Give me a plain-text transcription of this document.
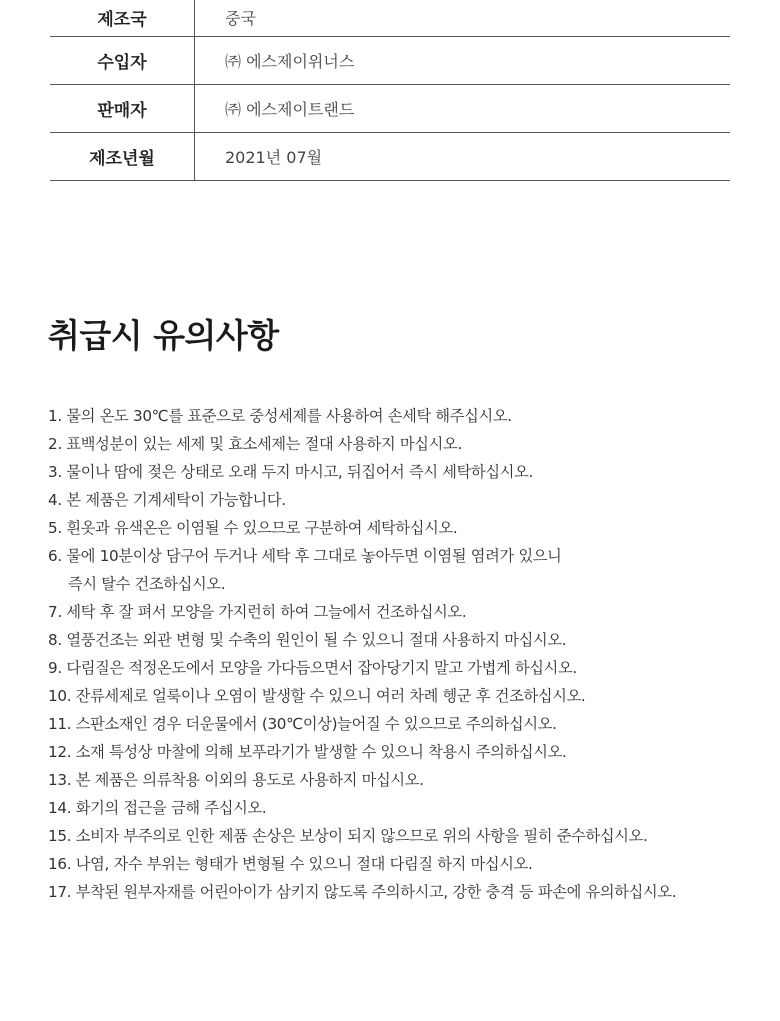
제조국	중국
수입자	㈜ 에스제이위너스
판매자	㈜ 에스제이트랜드
제조년월	2021년 07월
취급시 유의사항
1. 물의 온도 30℃를 표준으로 중성세제를 사용하여 손세탁 해주십시오.
2. 표백성분이 있는 세제 및 효소세제는 절대 사용하지 마십시오.
3. 물이나 땀에 젖은 상태로 오래 두지 마시고, 뒤집어서 즉시 세탁하십시오.
4. 본 제품은 기계세탁이 가능합니다.
5. 흰옷과 유색온은 이염될 수 있으므로 구분하여 세탁하십시오.
6. 물에 10분이상 담구어 두거나 세탁 후 그대로 놓아두면 이염될 염려가 있으니
즉시 탈수 건조하십시오.
7. 세탁 후 잘 펴서 모양을 가지런히 하여 그늘에서 건조하십시오.
8. 열풍건조는 외관 변형 및 수축의 원인이 될 수 있으니 절대 사용하지 마십시오.
9. 다림질은 적정온도에서 모양을 가다듬으면서 잡아당기지 말고 가볍게 하십시오.
10. 잔류세제로 얼룩이나 오염이 발생할 수 있으니 여러 차례 헹군 후 건조하십시오.
11. 스판소재인 경우 더운물에서 (30℃이상)늘어질 수 있으므로 주의하십시오.
12. 소재 특성상 마찰에 의해 보푸라기가 발생할 수 있으니 착용시 주의하십시오.
13. 본 제품은 의류착용 이외의 용도로 사용하지 마십시오.
14. 화기의 접근을 금해 주십시오.
15. 소비자 부주의로 인한 제품 손상은 보상이 되지 않으므로 위의 사항을 필히 준수하십시오.
16. 나염, 자수 부위는 형태가 변형될 수 있으니 절대 다림질 하지 마십시오.
17. 부착된 원부자재를 어린아이가 삼키지 않도록 주의하시고, 강한 충격 등 파손에 유의하십시오.
